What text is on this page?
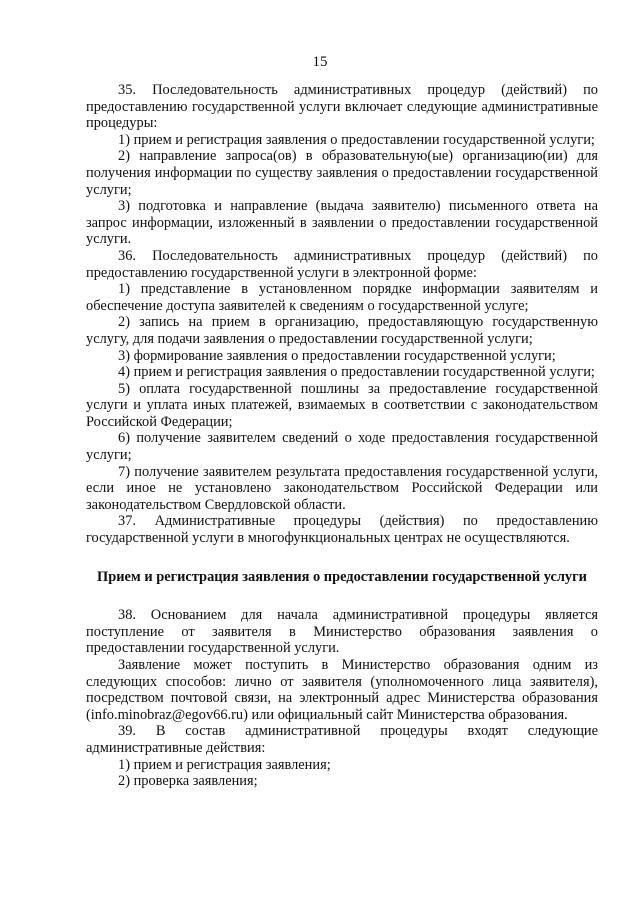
15

35. Последовательность административных процедур (действий) по предоставлению государственной услуги включает следующие административные процедуры:

1) прием и регистрация заявления о предоставлении государственной услуги;

2) направление запроса(ов) в образовательную(ые) организацию(ии) для получения информации по существу заявления о предоставлении государственной услуги;

3) подготовка и направление (выдача заявителю) письменного ответа на запрос информации, изложенный в заявлении о предоставлении государственной услуги.

36. Последовательность административных процедур (действий) по предоставлению государственной услуги в электронной форме:

1) представление в установленном порядке информации заявителям и обеспечение доступа заявителей к сведениям о государственной услуге;

2) запись на прием в организацию, предоставляющую государственную услугу, для подачи заявления о предоставлении государственной услуги;

3) формирование заявления о предоставлении государственной услуги;

4) прием и регистрация заявления о предоставлении государственной услуги;

5) оплата государственной пошлины за предоставление государственной услуги и уплата иных платежей, взимаемых в соответствии с законодательством Российской Федерации;

6) получение заявителем сведений о ходе предоставления государственной услуги;

7) получение заявителем результата предоставления государственной услуги, если иное не установлено законодательством Российской Федерации или законодательством Свердловской области.

37. Административные процедуры (действия) по предоставлению государственной услуги в многофункциональных центрах не осуществляются.

Прием и регистрация заявления о предоставлении государственной услуги

38. Основанием для начала административной процедуры является поступление от заявителя в Министерство образования заявления о предоставлении государственной услуги.

Заявление может поступить в Министерство образования одним из следующих способов: лично от заявителя (уполномоченного лица заявителя), посредством почтовой связи, на электронный адрес Министерства образования (info.minobraz@egov66.ru) или официальный сайт Министерства образования.

39. В состав административной процедуры входят следующие административные действия:

1) прием и регистрация заявления;

2) проверка заявления;
